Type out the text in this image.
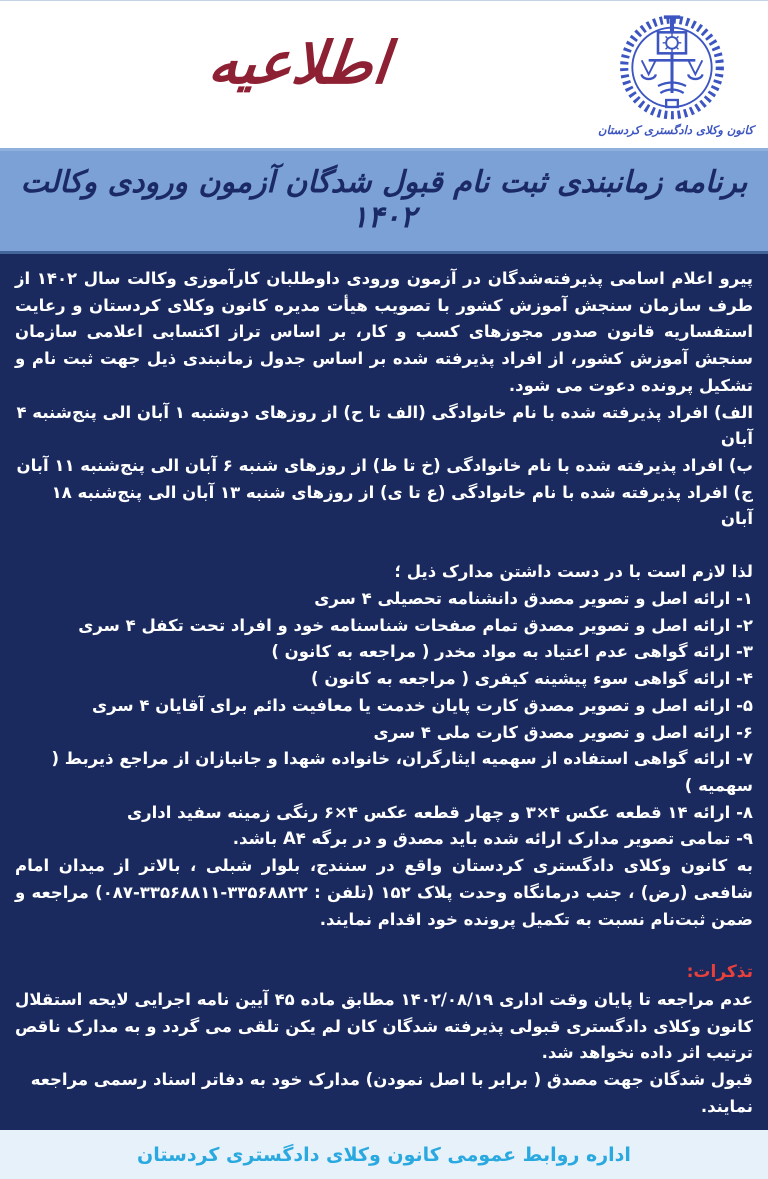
اطلاعیه
کانون وکلای دادگستری کردستان
برنامه زمانبندی ثبت نام قبول شدگان آزمون ورودی وکالت ۱۴۰۲
پیرو اعلام اسامی پذیرفته‌شدگان در آزمون ورودی داوطلبان کارآموزی وکالت سال ۱۴۰۲ از طرف سازمان سنجش آموزش کشور با تصویب هیأت مدیره کانون وکلای کردستان و رعایت استفساریه قانون صدور مجوزهای کسب و کار، بر اساس تراز اکتسابی اعلامی سازمان سنجش آموزش کشور، از افراد پذیرفته شده بر اساس جدول زمانبندی ذیل جهت ثبت نام و تشکیل پرونده دعوت می شود.
الف) افراد پذیرفته شده با نام خانوادگی (الف تا ح) از روزهای دوشنبه ۱ آبان الی پنج‌شنبه ۴ آبان
ب) افراد پذیرفته شده با نام خانوادگی (خ تا ظ) از روزهای شنبه ۶ آبان الی پنج‌شنبه ۱۱ آبان
ج) افراد پذیرفته شده با نام خانوادگی (ع تا ی) از روزهای شنبه ۱۳ آبان الی پنج‌شنبه ۱۸ آبان
لذا لازم است با در دست داشتن مدارک ذیل ؛
۱- ارائه اصل و تصویر مصدق دانشنامه تحصیلی ۴ سری
۲- ارائه اصل و تصویر مصدق تمام صفحات شناسنامه خود و افراد تحت تکفل ۴ سری
۳- ارائه گواهی عدم اعتیاد به مواد مخدر ( مراجعه به کانون )
۴- ارائه گواهی سوء پیشینه کیفری ( مراجعه به کانون )
۵- ارائه اصل و تصویر مصدق کارت پایان خدمت یا معافیت دائم برای آقایان ۴ سری
۶- ارائه اصل و تصویر مصدق کارت ملی ۴ سری
۷- ارائه گواهی استفاده از سهمیه ایثارگران، خانواده شهدا و جانبازان از مراجع ذیربط ( سهمیه )
۸- ارائه ۱۴ قطعه عکس ۴×۳ و چهار قطعه عکس ۴×۶ رنگی زمینه سفید اداری
۹- تمامی تصویر مدارک ارائه شده باید مصدق و در برگه A۴ باشد.
به کانون وکلای دادگستری کردستان واقع در سنندج، بلوار شبلی ، بالاتر از میدان امام شافعی (رض) ، جنب درمانگاه وحدت پلاک ۱۵۲ (تلفن : ۳۳۵۶۸۸۲۲-۳۳۵۶۸۸۱۱-۰۸۷) مراجعه و ضمن ثبت‌نام نسبت به تکمیل پرونده خود اقدام نمایند.
تذکرات:
عدم مراجعه تا پایان وقت اداری ۱۴۰۲/۰۸/۱۹ مطابق ماده ۴۵ آیین نامه اجرایی لایحه استقلال کانون وکلای دادگستری قبولی پذیرفته شدگان کان لم یکن تلقی می گردد و به مدارک ناقص ترتیب اثر داده نخواهد شد.
قبول شدگان جهت مصدق ( برابر با اصل نمودن) مدارک خود به دفاتر اسناد رسمی مراجعه نمایند.
اداره روابط عمومی کانون وکلای دادگستری کردستان
